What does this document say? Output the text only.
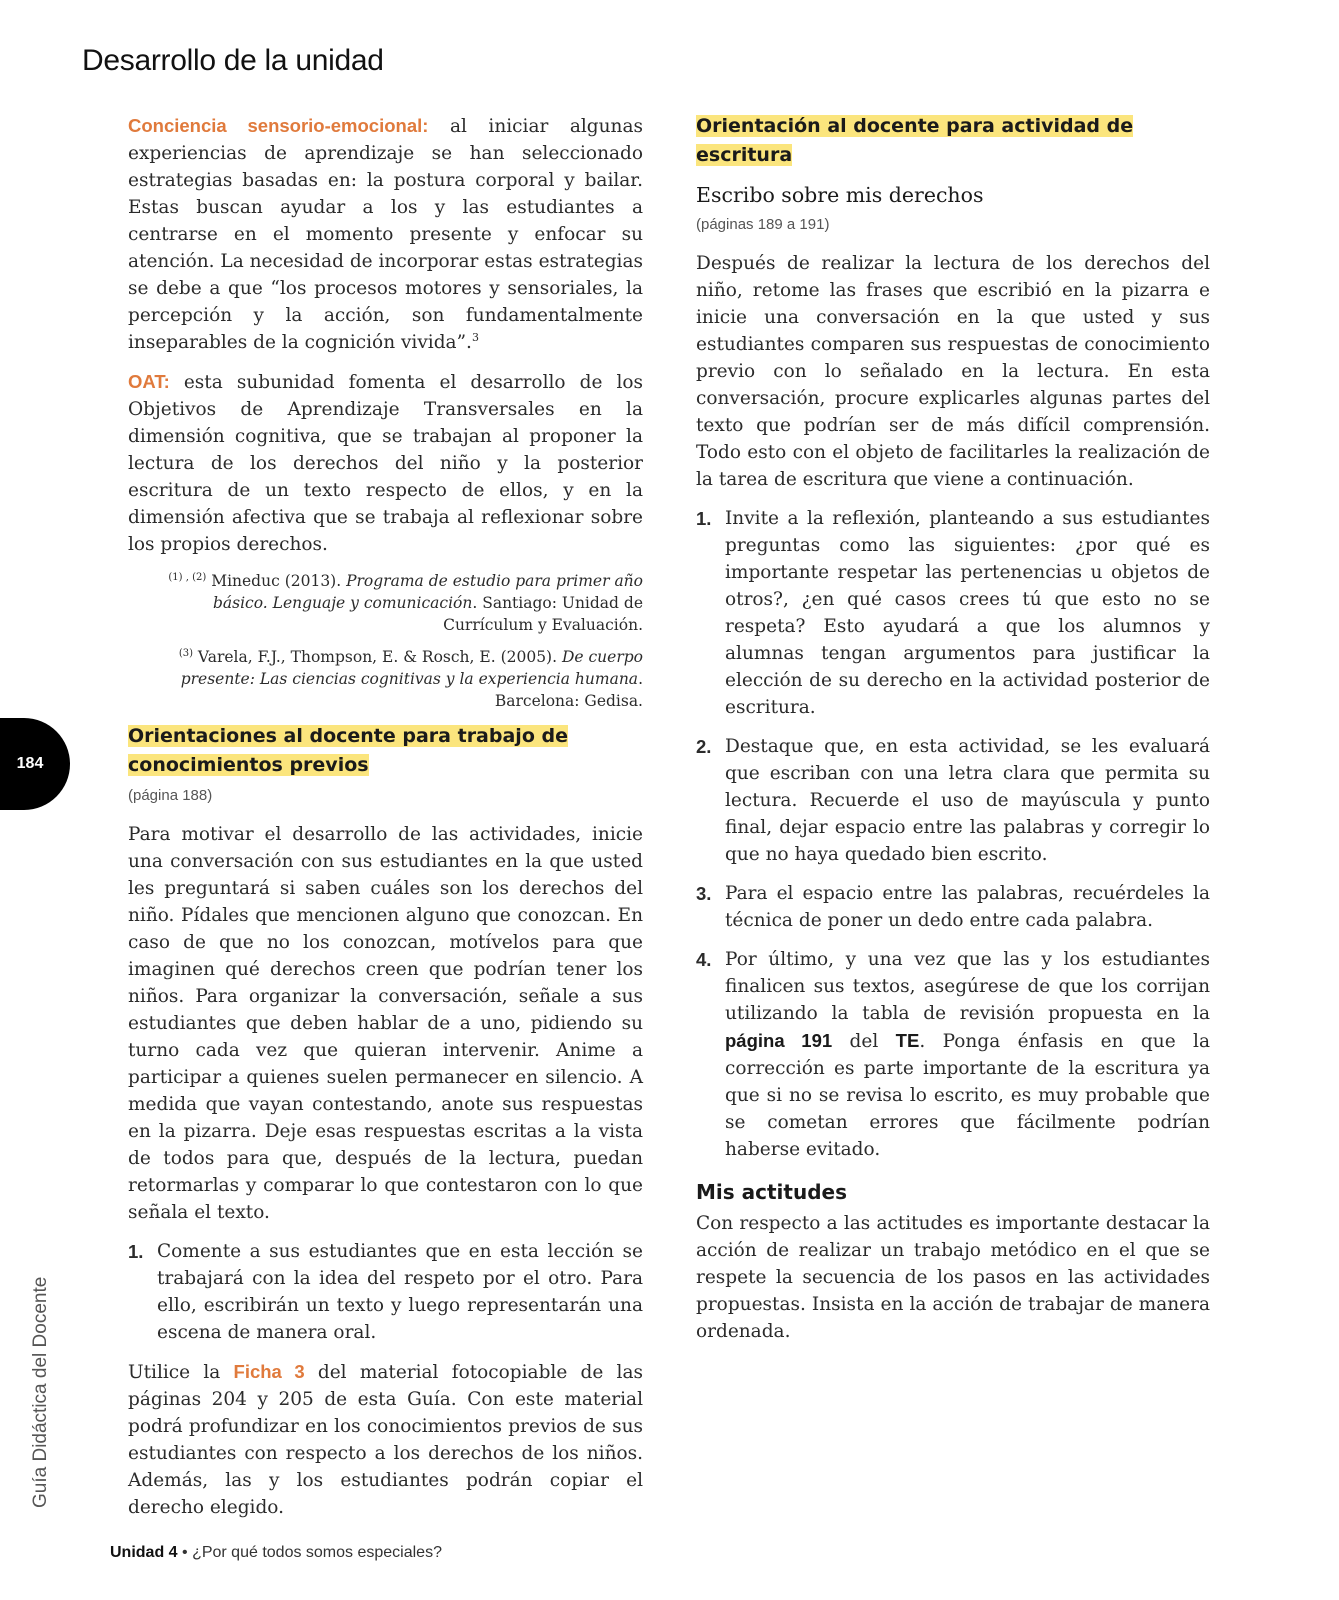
Desarrollo de la unidad

Conciencia sensorio-emocional: al iniciar algunas experiencias de aprendizaje se han seleccionado estrategias basadas en: la postura corporal y bailar. Estas buscan ayudar a los y las estudiantes a centrarse en el momento presente y enfocar su atención. La necesidad de incorporar estas estrategias se debe a que “los procesos motores y sensoriales, la percepción y la acción, son fundamentalmente inseparables de la cognición vivida”.$^3$

OAT: esta subunidad fomenta el desarrollo de los Objetivos de Aprendizaje Transversales en la dimensión cognitiva, que se trabajan al proponer la lectura de los derechos del niño y la posterior escritura de un texto respecto de ellos, y en la dimensión afectiva que se trabaja al reflexionar sobre los propios derechos.

$^{(1) , (2)}$ Mineduc (2013). Programa de estudio para primer año básico. Lenguaje y comunicación. Santiago: Unidad de Currículum y Evaluación.

$^{(3)}$ Varela, F.J., Thompson, E. & Rosch, E. (2005). De cuerpo presente: Las ciencias cognitivas y la experiencia humana. Barcelona: Gedisa.

Orientaciones al docente para trabajo de conocimientos previos

(página 188)

Para motivar el desarrollo de las actividades, inicie una conversación con sus estudiantes en la que usted les preguntará si saben cuáles son los derechos del niño. Pídales que mencionen alguno que conozcan. En caso de que no los conozcan, motívelos para que imaginen qué derechos creen que podrían tener los niños. Para organizar la conversación, señale a sus estudiantes que deben hablar de a uno, pidiendo su turno cada vez que quieran intervenir. Anime a participar a quienes suelen permanecer en silencio. A medida que vayan contestando, anote sus respuestas en la pizarra. Deje esas respuestas escritas a la vista de todos para que, después de la lectura, puedan retormarlas y comparar lo que contestaron con lo que señala el texto.

1. Comente a sus estudiantes que en esta lección se trabajará con la idea del respeto por el otro. Para ello, escribirán un texto y luego representarán una escena de manera oral.

Utilice la Ficha 3 del material fotocopiable de las páginas 204 y 205 de esta Guía. Con este material podrá profundizar en los conocimientos previos de sus estudiantes con respecto a los derechos de los niños. Además, las y los estudiantes podrán copiar el derecho elegido.

Orientación al docente para actividad de escritura

Escribo sobre mis derechos

(páginas 189 a 191)

Después de realizar la lectura de los derechos del niño, retome las frases que escribió en la pizarra e inicie una conversación en la que usted y sus estudiantes comparen sus respuestas de conocimiento previo con lo señalado en la lectura. En esta conversación, procure explicarles algunas partes del texto que podrían ser de más difícil comprensión. Todo esto con el objeto de facilitarles la realización de la tarea de escritura que viene a continuación.

1. Invite a la reflexión, planteando a sus estudiantes preguntas como las siguientes: ¿por qué es importante respetar las pertenencias u objetos de otros?, ¿en qué casos crees tú que esto no se respeta? Esto ayudará a que los alumnos y alumnas tengan argumentos para justificar la elección de su derecho en la actividad posterior de escritura.
2. Destaque que, en esta actividad, se les evaluará que escriban con una letra clara que permita su lectura. Recuerde el uso de mayúscula y punto final, dejar espacio entre las palabras y corregir lo que no haya quedado bien escrito.
3. Para el espacio entre las palabras, recuérdeles la técnica de poner un dedo entre cada palabra.
4. Por último, y una vez que las y los estudiantes finalicen sus textos, asegúrese de que los corrijan utilizando la tabla de revisión propuesta en la página 191 del TE. Ponga énfasis en que la corrección es parte importante de la escritura ya que si no se revisa lo escrito, es muy probable que se cometan errores que fácilmente podrían haberse evitado.

Mis actitudes

Con respecto a las actitudes es importante destacar la acción de realizar un trabajo metódico en el que se respete la secuencia de los pasos en las actividades propuestas. Insista en la acción de trabajar de manera ordenada.

184
Guía Didáctica del Docente
Unidad 4 • ¿Por qué todos somos especiales?
